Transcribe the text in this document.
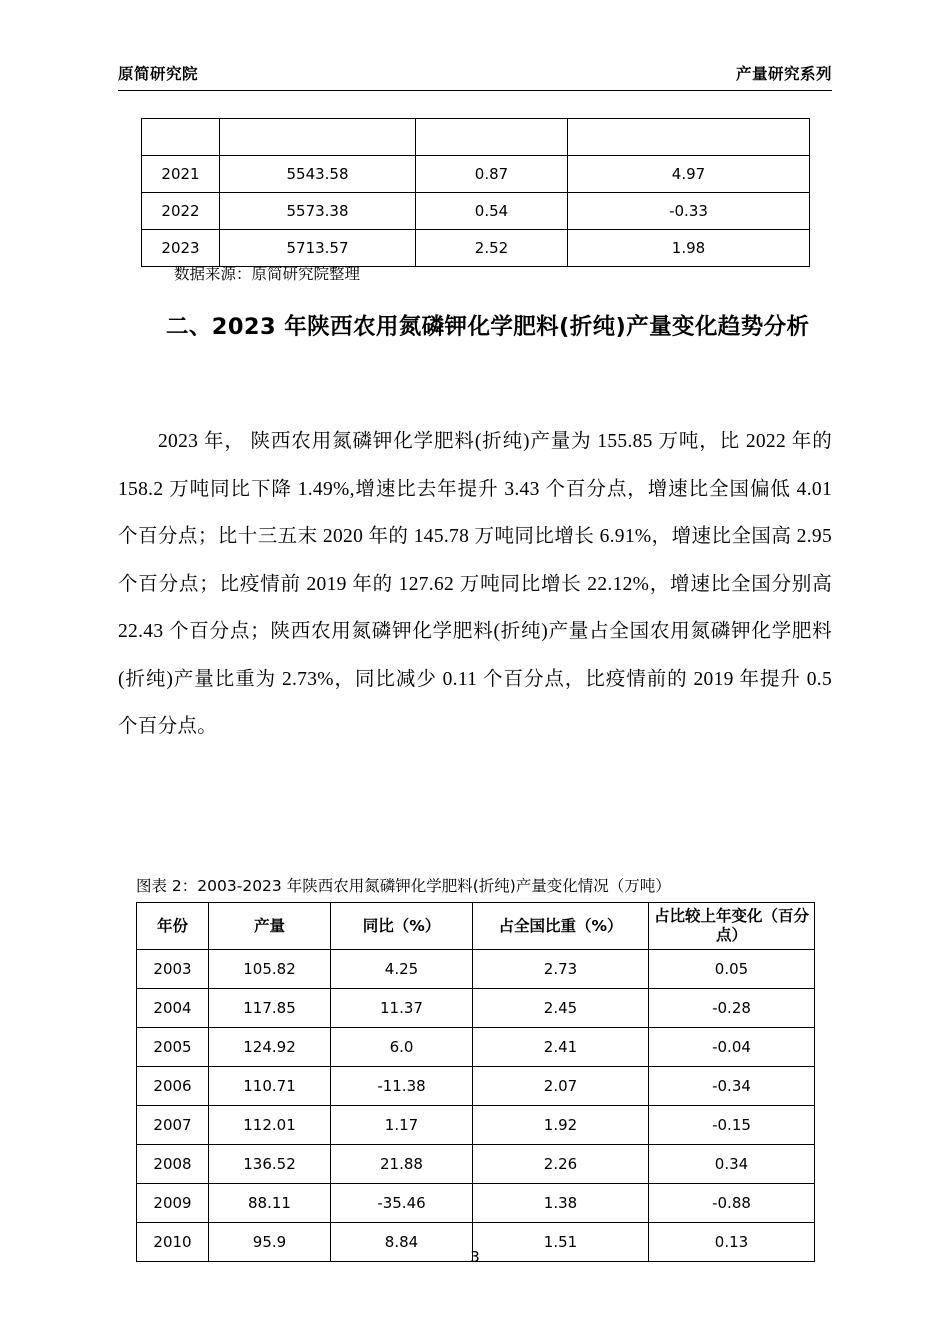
原简研究院	产量研究系列

2021	5543.58	0.87	4.97
2022	5573.38	0.54	-0.33
2023	5713.57	2.52	1.98
数据来源：原简研究院整理
二、2023 年陕西农用氮磷钾化学肥料(折纯)产量变化趋势分析
2023 年， 陕西农用氮磷钾化学肥料(折纯)产量为 155.85 万吨，比 2022 年的 158.2 万吨同比下降 1.49%,增速比去年提升 3.43 个百分点，增速比全国偏低 4.01 个百分点；比十三五末 2020 年的 145.78 万吨同比增长 6.91%，增速比全国高 2.95 个百分点；比疫情前 2019 年的 127.62 万吨同比增长 22.12%，增速比全国分别高 22.43 个百分点；陕西农用氮磷钾化学肥料(折纯)产量占全国农用氮磷钾化学肥料(折纯)产量比重为 2.73%，同比减少 0.11 个百分点，比疫情前的 2019 年提升 0.5 个百分点。
图表 2：2003-2023 年陕西农用氮磷钾化学肥料(折纯)产量变化情况（万吨）
年份	产量	同比（%）	占全国比重（%）	占比较上年变化（百分点）
2003	105.82	4.25	2.73	0.05
2004	117.85	11.37	2.45	-0.28
2005	124.92	6.0	2.41	-0.04
2006	110.71	-11.38	2.07	-0.34
2007	112.01	1.17	1.92	-0.15
2008	136.52	21.88	2.26	0.34
2009	88.11	-35.46	1.38	-0.88
2010	95.9	8.84	1.51	0.13
3
